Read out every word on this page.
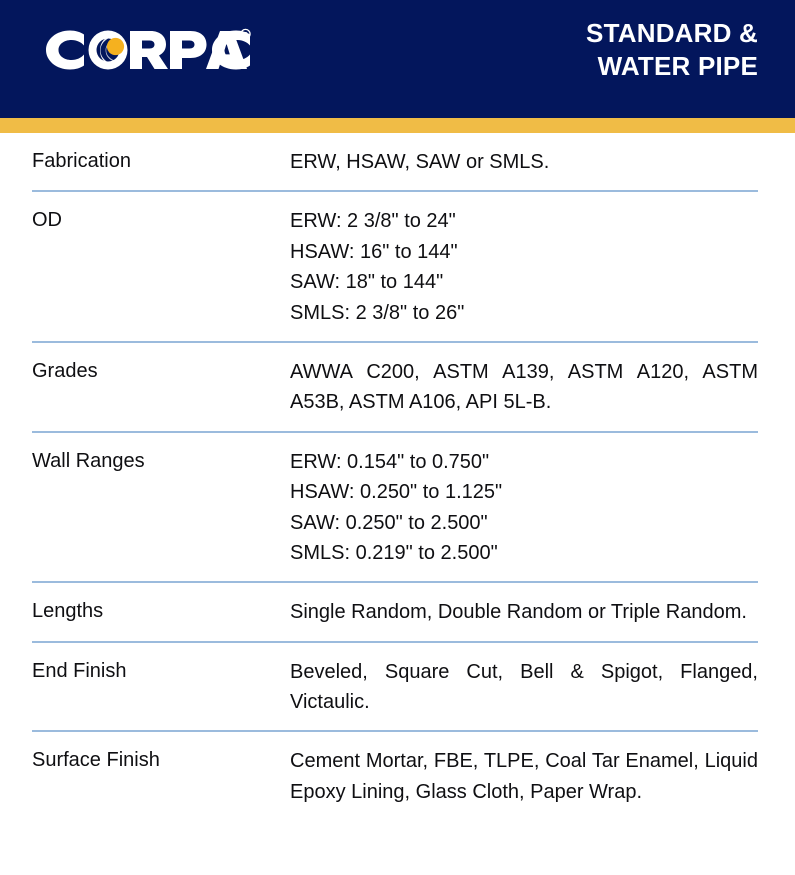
R	STANDARD &
WATER PIPE
Fabrication	ERW, HSAW, SAW or SMLS.
OD	ERW: 2 3/8" to 24"
HSAW: 16" to 144"
SAW: 18" to 144"
SMLS: 2 3/8" to 26"
Grades	AWWA C200, ASTM A139, ASTM A120, ASTM A53B, ASTM A106, API 5L-B.
Wall Ranges	ERW: 0.154" to 0.750"
HSAW: 0.250" to 1.125"
SAW: 0.250" to 2.500"
SMLS: 0.219" to 2.500"
Lengths	Single Random, Double Random or Triple Random.
End Finish	Beveled, Square Cut, Bell & Spigot, Flanged, Victaulic.
Surface Finish	Cement Mortar, FBE, TLPE, Coal Tar Enamel, Liquid Epoxy Lining, Glass Cloth, Paper Wrap.
